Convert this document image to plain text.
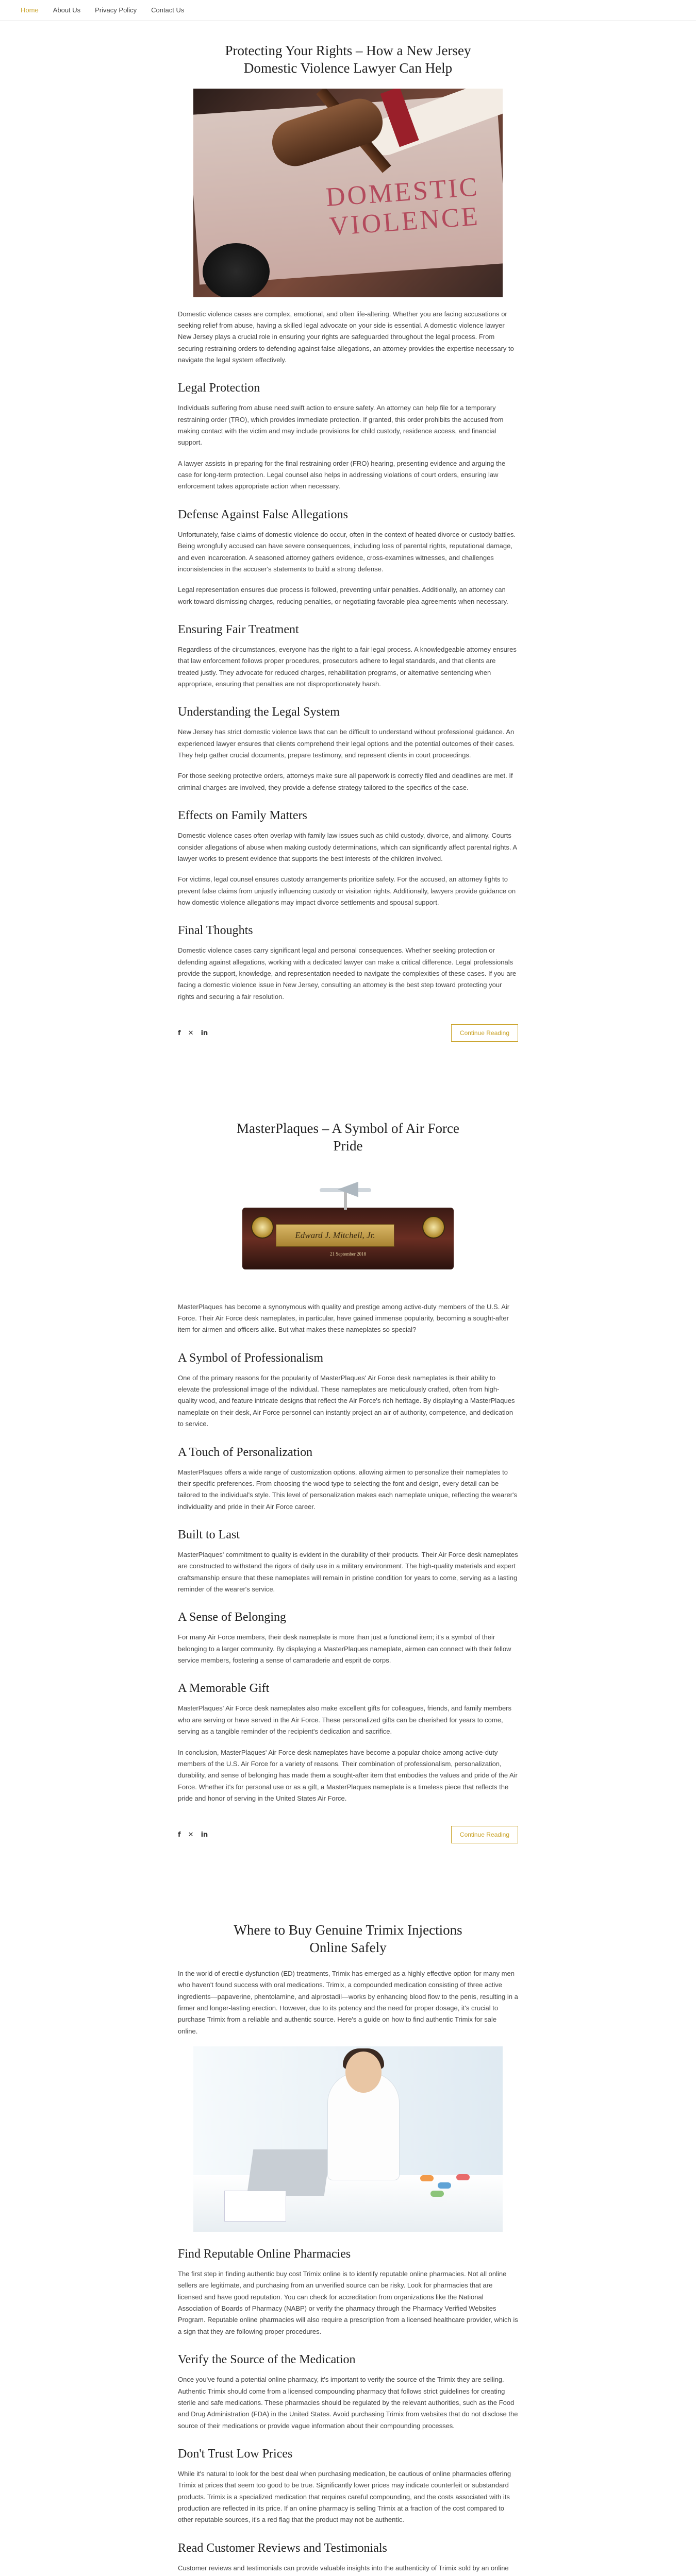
Home	About Us	Privacy Policy	Contact Us
Protecting Your Rights – How a New Jersey Domestic Violence Lawyer Can Help
DOMESTIC VIOLENCE

Domestic violence cases are complex, emotional, and often life-altering. Whether you are facing accusations or seeking relief from abuse, having a skilled legal advocate on your side is essential. A domestic violence lawyer New Jersey plays a crucial role in ensuring your rights are safeguarded throughout the legal process. From securing restraining orders to defending against false allegations, an attorney provides the expertise necessary to navigate the legal system effectively.

Legal Protection

Individuals suffering from abuse need swift action to ensure safety. An attorney can help file for a temporary restraining order (TRO), which provides immediate protection. If granted, this order prohibits the accused from making contact with the victim and may include provisions for child custody, residence access, and financial support.

A lawyer assists in preparing for the final restraining order (FRO) hearing, presenting evidence and arguing the case for long-term protection. Legal counsel also helps in addressing violations of court orders, ensuring law enforcement takes appropriate action when necessary.

Defense Against False Allegations

Unfortunately, false claims of domestic violence do occur, often in the context of heated divorce or custody battles. Being wrongfully accused can have severe consequences, including loss of parental rights, reputational damage, and even incarceration. A seasoned attorney gathers evidence, cross-examines witnesses, and challenges inconsistencies in the accuser's statements to build a strong defense.

Legal representation ensures due process is followed, preventing unfair penalties. Additionally, an attorney can work toward dismissing charges, reducing penalties, or negotiating favorable plea agreements when necessary.

Ensuring Fair Treatment

Regardless of the circumstances, everyone has the right to a fair legal process. A knowledgeable attorney ensures that law enforcement follows proper procedures, prosecutors adhere to legal standards, and that clients are treated justly. They advocate for reduced charges, rehabilitation programs, or alternative sentencing when appropriate, ensuring that penalties are not disproportionately harsh.

Understanding the Legal System

New Jersey has strict domestic violence laws that can be difficult to understand without professional guidance. An experienced lawyer ensures that clients comprehend their legal options and the potential outcomes of their cases. They help gather crucial documents, prepare testimony, and represent clients in court proceedings.

For those seeking protective orders, attorneys make sure all paperwork is correctly filed and deadlines are met. If criminal charges are involved, they provide a defense strategy tailored to the specifics of the case.

Effects on Family Matters

Domestic violence cases often overlap with family law issues such as child custody, divorce, and alimony. Courts consider allegations of abuse when making custody determinations, which can significantly affect parental rights. A lawyer works to present evidence that supports the best interests of the children involved.

For victims, legal counsel ensures custody arrangements prioritize safety. For the accused, an attorney fights to prevent false claims from unjustly influencing custody or visitation rights. Additionally, lawyers provide guidance on how domestic violence allegations may impact divorce settlements and spousal support.

Final Thoughts

Domestic violence cases carry significant legal and personal consequences. Whether seeking protection or defending against allegations, working with a dedicated lawyer can make a critical difference. Legal professionals provide the support, knowledge, and representation needed to navigate the complexities of these cases. If you are facing a domestic violence issue in New Jersey, consulting an attorney is the best step toward protecting your rights and securing a fair resolution.

f ✕ in	Continue Reading
MasterPlaques – A Symbol of Air Force Pride
Edward J. Mitchell, Jr.
21 September 2018

MasterPlaques has become a synonymous with quality and prestige among active-duty members of the U.S. Air Force. Their Air Force desk nameplates, in particular, have gained immense popularity, becoming a sought-after item for airmen and officers alike. But what makes these nameplates so special?

A Symbol of Professionalism

One of the primary reasons for the popularity of MasterPlaques' Air Force desk nameplates is their ability to elevate the professional image of the individual. These nameplates are meticulously crafted, often from high-quality wood, and feature intricate designs that reflect the Air Force's rich heritage. By displaying a MasterPlaques nameplate on their desk, Air Force personnel can instantly project an air of authority, competence, and dedication to service.

A Touch of Personalization

MasterPlaques offers a wide range of customization options, allowing airmen to personalize their nameplates to their specific preferences. From choosing the wood type to selecting the font and design, every detail can be tailored to the individual's style. This level of personalization makes each nameplate unique, reflecting the wearer's individuality and pride in their Air Force career.

Built to Last

MasterPlaques' commitment to quality is evident in the durability of their products. Their Air Force desk nameplates are constructed to withstand the rigors of daily use in a military environment. The high-quality materials and expert craftsmanship ensure that these nameplates will remain in pristine condition for years to come, serving as a lasting reminder of the wearer's service.

A Sense of Belonging

For many Air Force members, their desk nameplate is more than just a functional item; it's a symbol of their belonging to a larger community. By displaying a MasterPlaques nameplate, airmen can connect with their fellow service members, fostering a sense of camaraderie and esprit de corps.

A Memorable Gift

MasterPlaques' Air Force desk nameplates also make excellent gifts for colleagues, friends, and family members who are serving or have served in the Air Force. These personalized gifts can be cherished for years to come, serving as a tangible reminder of the recipient's dedication and sacrifice.

In conclusion, MasterPlaques' Air Force desk nameplates have become a popular choice among active-duty members of the U.S. Air Force for a variety of reasons. Their combination of professionalism, personalization, durability, and sense of belonging has made them a sought-after item that embodies the values and pride of the Air Force. Whether it's for personal use or as a gift, a MasterPlaques nameplate is a timeless piece that reflects the pride and honor of serving in the United States Air Force.

f ✕ in	Continue Reading
Where to Buy Genuine Trimix Injections Online Safely

In the world of erectile dysfunction (ED) treatments, Trimix has emerged as a highly effective option for many men who haven't found success with oral medications. Trimix, a compounded medication consisting of three active ingredients—papaverine, phentolamine, and alprostadil—works by enhancing blood flow to the penis, resulting in a firmer and longer-lasting erection. However, due to its potency and the need for proper dosage, it's crucial to purchase Trimix from a reliable and authentic source. Here's a guide on how to find authentic Trimix for sale online.

Find Reputable Online Pharmacies

The first step in finding authentic buy cost Trimix online is to identify reputable online pharmacies. Not all online sellers are legitimate, and purchasing from an unverified source can be risky. Look for pharmacies that are licensed and have good reputation. You can check for accreditation from organizations like the National Association of Boards of Pharmacy (NABP) or verify the pharmacy through the Pharmacy Verified Websites Program. Reputable online pharmacies will also require a prescription from a licensed healthcare provider, which is a sign that they are following proper procedures.

Verify the Source of the Medication

Once you've found a potential online pharmacy, it's important to verify the source of the Trimix they are selling. Authentic Trimix should come from a licensed compounding pharmacy that follows strict guidelines for creating sterile and safe medications. These pharmacies should be regulated by the relevant authorities, such as the Food and Drug Administration (FDA) in the United States. Avoid purchasing Trimix from websites that do not disclose the source of their medications or provide vague information about their compounding processes.

Don't Trust Low Prices

While it's natural to look for the best deal when purchasing medication, be cautious of online pharmacies offering Trimix at prices that seem too good to be true. Significantly lower prices may indicate counterfeit or substandard products. Trimix is a specialized medication that requires careful compounding, and the costs associated with its production are reflected in its price. If an online pharmacy is selling Trimix at a fraction of the cost compared to other reputable sources, it's a red flag that the product may not be authentic.

Read Customer Reviews and Testimonials

Customer reviews and testimonials can provide valuable insights into the authenticity of Trimix sold by an online
